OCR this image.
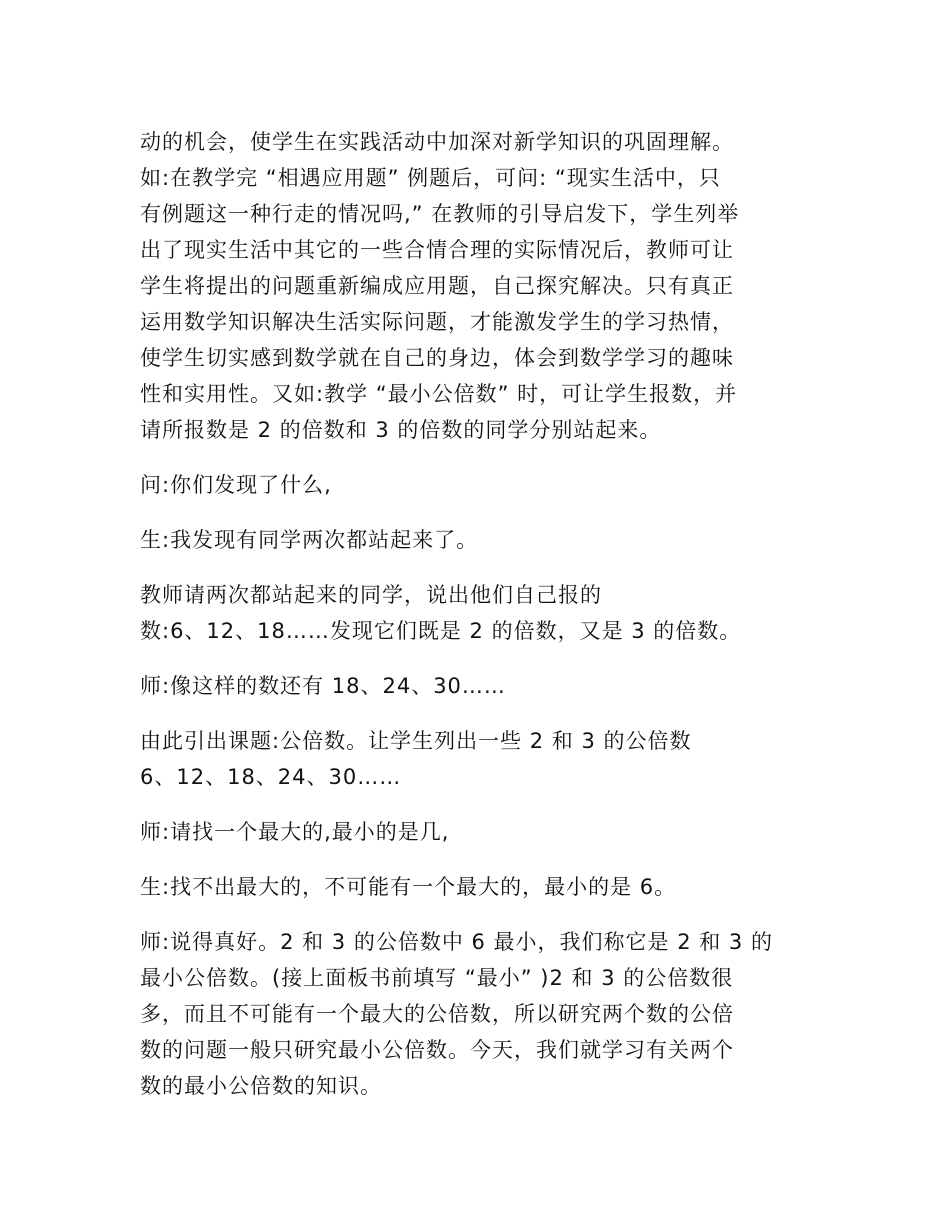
动的机会，使学生在实践活动中加深对新学知识的巩固理解。
如:在教学完 “相遇应用题” 例题后，可问: “现实生活中，只
有例题这一种行走的情况吗,” 在教师的引导启发下，学生列举
出了现实生活中其它的一些合情合理的实际情况后，教师可让
学生将提出的问题重新编成应用题，自己探究解决。只有真正
运用数学知识解决生活实际问题，才能激发学生的学习热情，
使学生切实感到数学就在自己的身边，体会到数学学习的趣味
性和实用性。又如:教学 “最小公倍数” 时，可让学生报数，并
请所报数是 2 的倍数和 3 的倍数的同学分别站起来。
问:你们发现了什么,
生:我发现有同学两次都站起来了。
教师请两次都站起来的同学，说出他们自己报的
数:6、12、18……发现它们既是 2 的倍数，又是 3 的倍数。
师:像这样的数还有 18、24、30……
由此引出课题:公倍数。让学生列出一些 2 和 3 的公倍数
6、12、18、24、30……
师:请找一个最大的,最小的是几,
生:找不出最大的，不可能有一个最大的，最小的是 6。
师:说得真好。2 和 3 的公倍数中 6 最小，我们称它是 2 和 3 的
最小公倍数。(接上面板书前填写 “最小” )2 和 3 的公倍数很
多，而且不可能有一个最大的公倍数，所以研究两个数的公倍
数的问题一般只研究最小公倍数。今天，我们就学习有关两个
数的最小公倍数的知识。
